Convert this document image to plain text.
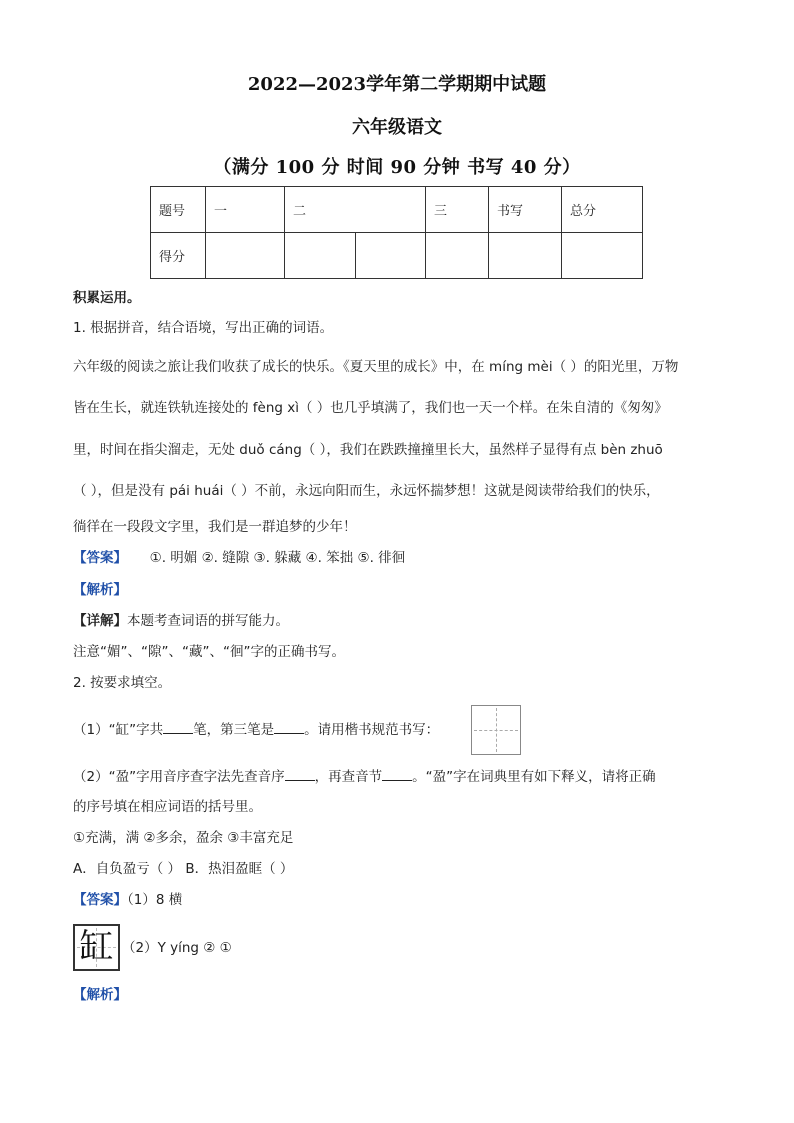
2022—2023学年第二学期期中试题
六年级语文
（满分 100 分 时间 90 分钟 书写 40 分）
题号	一	二		三	书写	总分
得分						
积累运用。
1. 根据拼音，结合语境，写出正确的词语。
六年级的阅读之旅让我们收获了成长的快乐。《夏天里的成长》中，在 míng mèi（ ）的阳光里，万物
皆在生长，就连铁轨连接处的 fèng xì（ ）也几乎填满了，我们也一天一个样。在朱自清的《匆匆》
里，时间在指尖溜走，无处 duǒ cáng（ ），我们在跌跌撞撞里长大，虽然样子显得有点 bèn zhuō
（ ），但是没有 pái huái（ ）不前，永远向阳而生，永远怀揣梦想！这就是阅读带给我们的快乐，
徜徉在一段段文字里，我们是一群追梦的少年！
【答案】 ①. 明媚 ②. 缝隙 ③. 躲藏 ④. 笨拙 ⑤. 徘徊
【解析】
【详解】本题考查词语的拼写能力。
注意“媚”、“隙”、“藏”、“徊”字的正确书写。
2. 按要求填空。
（1）“缸”字共 笔，第三笔是 。请用楷书规范书写：
（2）“盈”字用音序查字法先查音序 ，再查音节 。“盈”字在词典里有如下释义，请将正确
的序号填在相应词语的括号里。
①充满，满 ②多余，盈余 ③丰富充足
A．自负盈亏（ ） B．热泪盈眶（ ）
【答案】（1）8 横
缸 （2）Y yíng ② ①
【解析】
